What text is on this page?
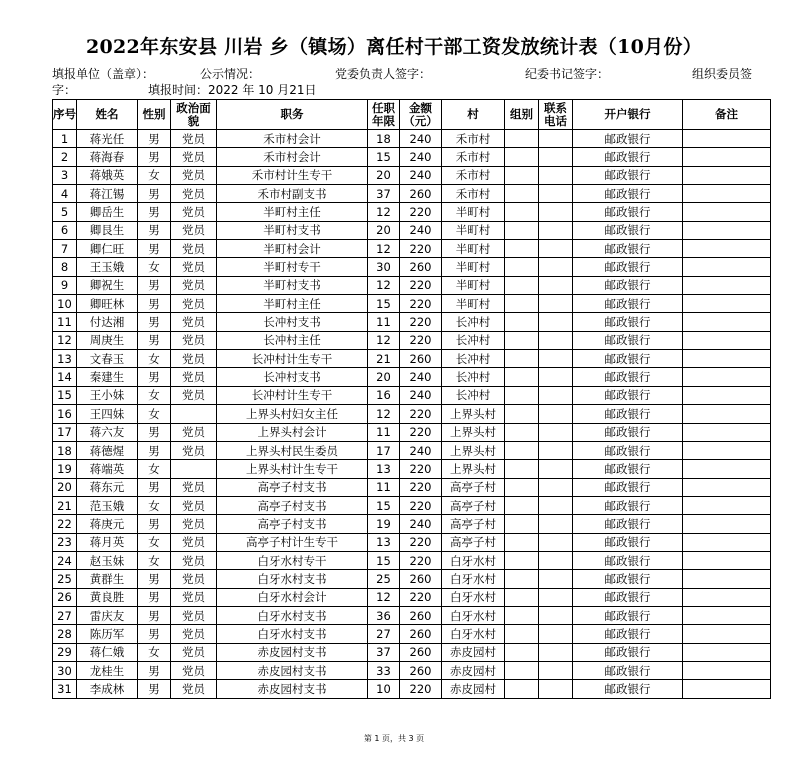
2022年东安县 川岩 乡（镇场）离任村干部工资发放统计表（10月份）
填报单位（盖章）：	公示情况：	党委负责人签字：	纪委书记签字：	组织委员签
字：	填报时间：2022 年 10 月21日
序号	姓名	性别	政治面貌	职务	任职年限	金额（元）	村	组别	联系电话	开户银行	备注
1	蒋光任	男	党员	禾市村会计	18	240	禾市村			邮政银行	
2	蒋海春	男	党员	禾市村会计	15	240	禾市村			邮政银行	
3	蒋娥英	女	党员	禾市村计生专干	20	240	禾市村			邮政银行	
4	蒋江锡	男	党员	禾市村副支书	37	260	禾市村			邮政银行	
5	卿岳生	男	党员	半町村主任	12	220	半町村			邮政银行	
6	卿艮生	男	党员	半町村支书	20	240	半町村			邮政银行	
7	卿仁旺	男	党员	半町村会计	12	220	半町村			邮政银行	
8	王玉娥	女	党员	半町村专干	30	260	半町村			邮政银行	
9	卿祝生	男	党员	半町村支书	12	220	半町村			邮政银行	
10	卿旺林	男	党员	半町村主任	15	220	半町村			邮政银行	
11	付达湘	男	党员	长冲村支书	11	220	长冲村			邮政银行	
12	周庚生	男	党员	长冲村主任	12	220	长冲村			邮政银行	
13	文春玉	女	党员	长冲村计生专干	21	260	长冲村			邮政银行	
14	秦建生	男	党员	长冲村支书	20	240	长冲村			邮政银行	
15	王小妹	女	党员	长冲村计生专干	16	240	长冲村			邮政银行	
16	王四妹	女		上界头村妇女主任	12	220	上界头村			邮政银行	
17	蒋六友	男	党员	上界头村会计	11	220	上界头村			邮政银行	
18	蒋德煋	男	党员	上界头村民生委员	17	240	上界头村			邮政银行	
19	蒋端英	女		上界头村计生专干	13	220	上界头村			邮政银行	
20	蒋东元	男	党员	高亭子村支书	11	220	高亭子村			邮政银行	
21	范玉娥	女	党员	高亭子村支书	15	220	高亭子村			邮政银行	
22	蒋庚元	男	党员	高亭子村支书	19	240	高亭子村			邮政银行	
23	蒋月英	女	党员	高亭子村计生专干	13	220	高亭子村			邮政银行	
24	赵玉妹	女	党员	白牙水村专干	15	220	白牙水村			邮政银行	
25	黄群生	男	党员	白牙水村支书	25	260	白牙水村			邮政银行	
26	黄良胜	男	党员	白牙水村会计	12	220	白牙水村			邮政银行	
27	雷庆友	男	党员	白牙水村支书	36	260	白牙水村			邮政银行	
28	陈历军	男	党员	白牙水村支书	27	260	白牙水村			邮政银行	
29	蒋仁娥	女	党员	赤皮园村支书	37	260	赤皮园村			邮政银行	
30	龙桂生	男	党员	赤皮园村支书	33	260	赤皮园村			邮政银行	
31	李成林	男	党员	赤皮园村支书	10	220	赤皮园村			邮政银行	
第 1 页，共 3 页
